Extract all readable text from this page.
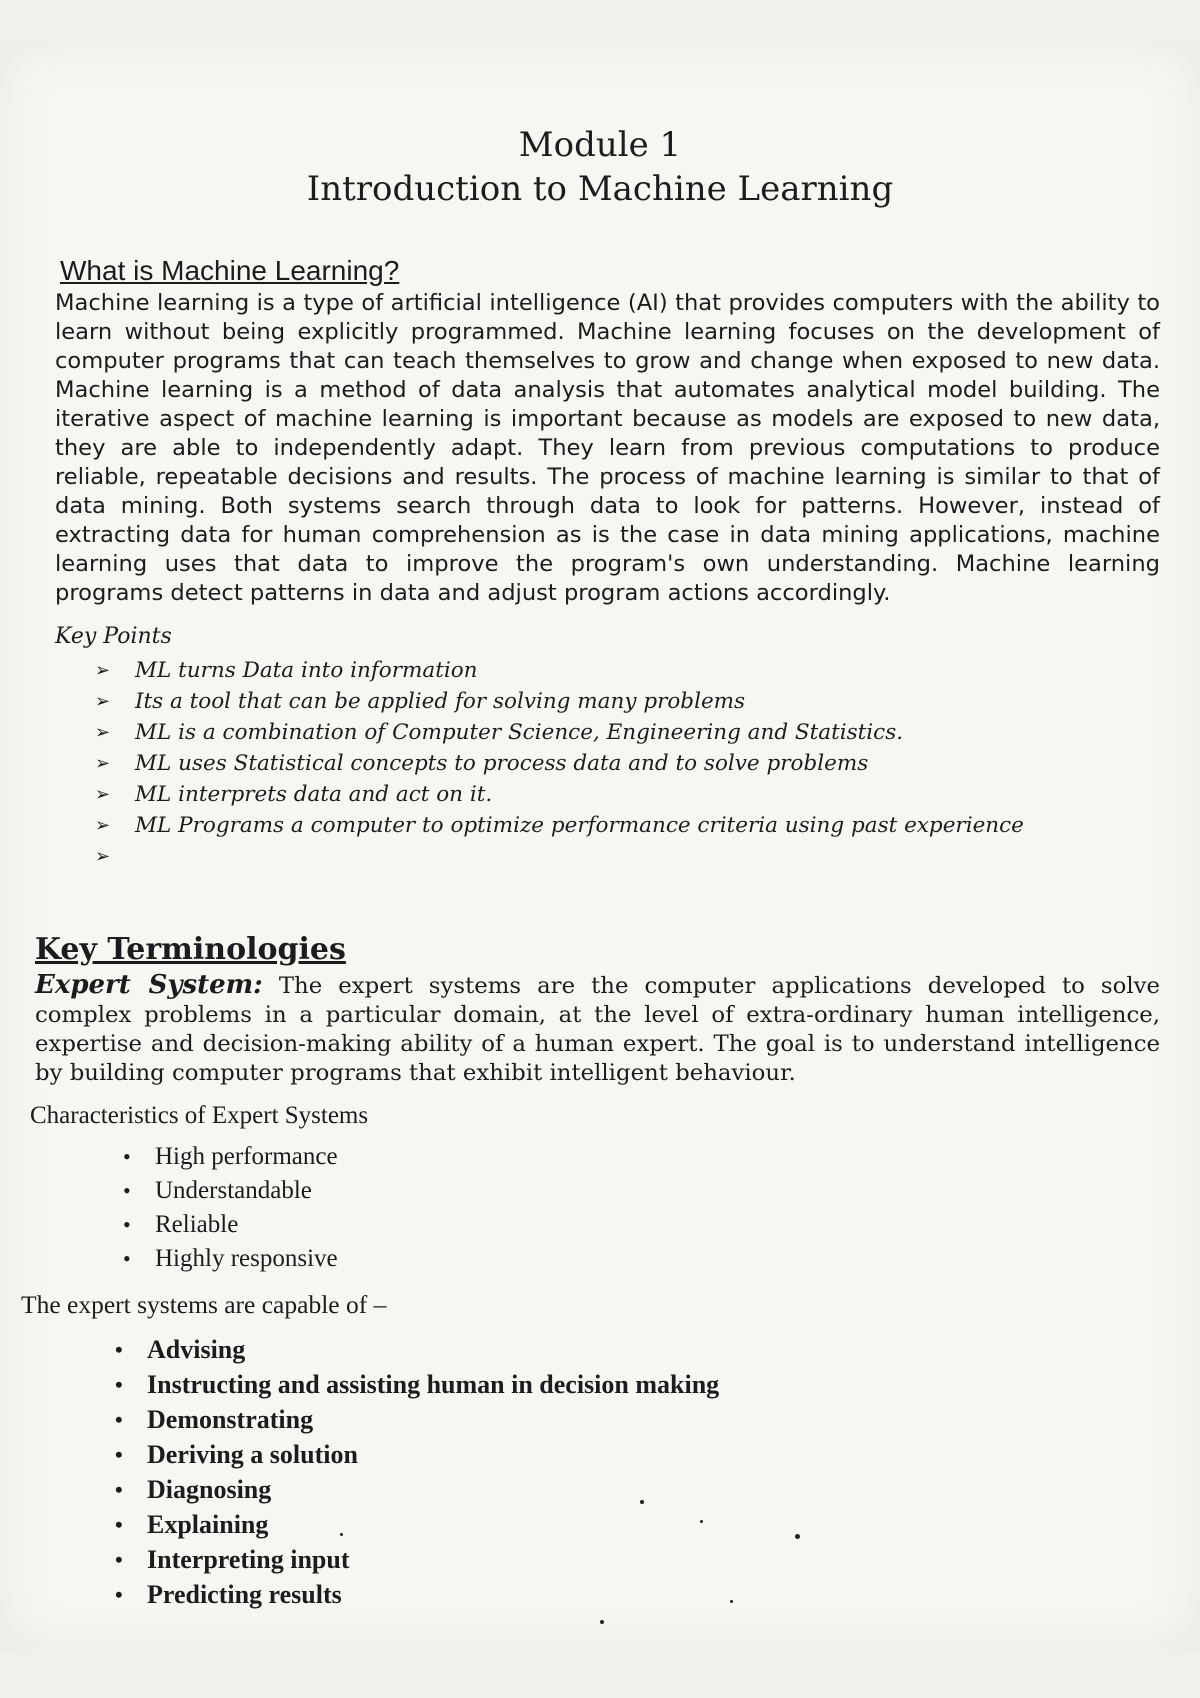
Module 1
Introduction to Machine Learning
What is Machine Learning?

Machine learning is a type of artificial intelligence (AI) that provides computers with the ability to learn without being explicitly programmed. Machine learning focuses on the development of computer programs that can teach themselves to grow and change when exposed to new data. Machine learning is a method of data analysis that automates analytical model building. The iterative aspect of machine learning is important because as models are exposed to new data, they are able to independently adapt. They learn from previous computations to produce reliable, repeatable decisions and results. The process of machine learning is similar to that of data mining. Both systems search through data to look for patterns. However, instead of extracting data for human comprehension as is the case in data mining applications, machine learning uses that data to improve the program's own understanding. Machine learning programs detect patterns in data and adjust program actions accordingly.

Key Points
➢	ML turns Data into information
➢	Its a tool that can be applied for solving many problems
➢	ML is a combination of Computer Science, Engineering and Statistics.
➢	ML uses Statistical concepts to process data and to solve problems
➢	ML interprets data and act on it.
➢	ML Programs a computer to optimize performance criteria using past experience
➢
Key Terminologies

Expert System: The expert systems are the computer applications developed to solve complex problems in a particular domain, at the level of extra-ordinary human intelligence, expertise and decision-making ability of a human expert. The goal is to understand intelligence by building computer programs that exhibit intelligent behaviour.

Characteristics of Expert Systems
• High performance
• Understandable
• Reliable
• Highly responsive
The expert systems are capable of –
• Advising
• Instructing and assisting human in decision making
• Demonstrating
• Deriving a solution
• Diagnosing
• Explaining
• Interpreting input
• Predicting results
